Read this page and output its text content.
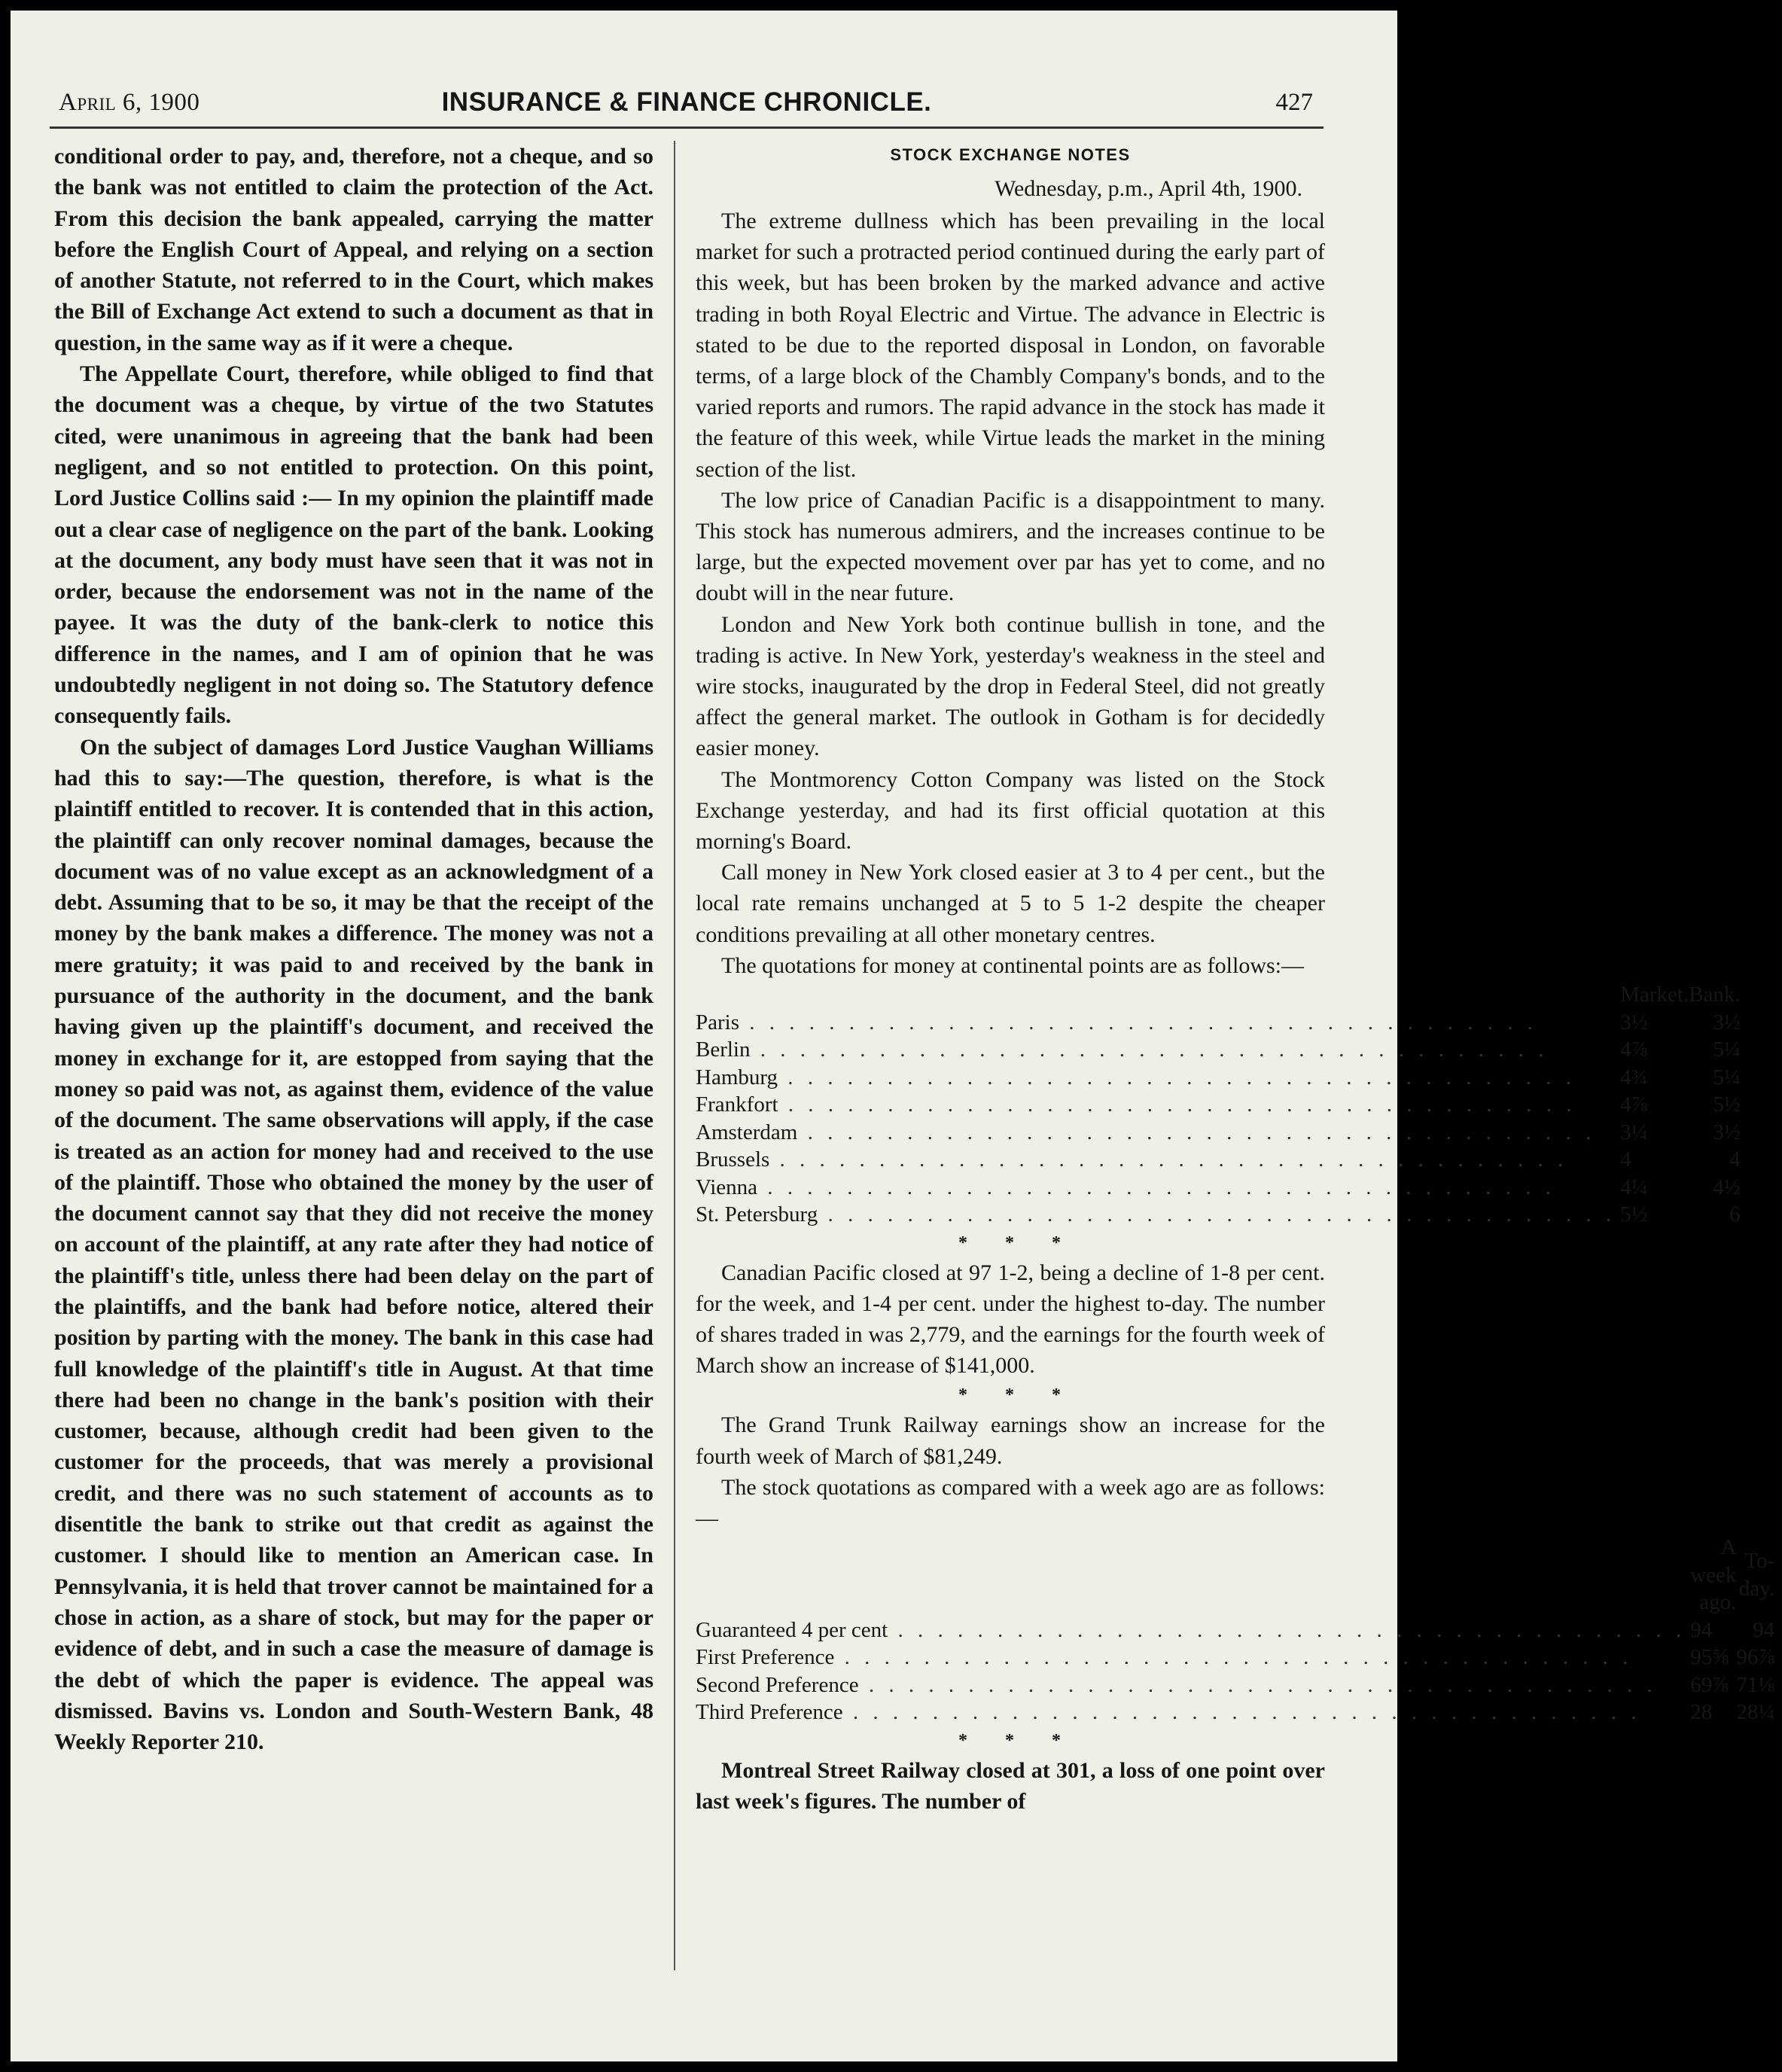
April 6, 1900	INSURANCE & FINANCE CHRONICLE.	427

conditional order to pay, and, therefore, not a cheque, and so the bank was not entitled to claim the protection of the Act. From this decision the bank appealed, carrying the matter before the English Court of Appeal, and relying on a section of another Statute, not referred to in the Court, which makes the Bill of Exchange Act extend to such a document as that in question, in the same way as if it were a cheque.

The Appellate Court, therefore, while obliged to find that the document was a cheque, by virtue of the two Statutes cited, were unanimous in agreeing that the bank had been negligent, and so not entitled to protection. On this point, Lord Justice Collins said :— In my opinion the plaintiff made out a clear case of negligence on the part of the bank. Looking at the document, any body must have seen that it was not in order, because the endorsement was not in the name of the payee. It was the duty of the bank-clerk to notice this difference in the names, and I am of opinion that he was undoubtedly negligent in not doing so. The Statutory defence consequently fails.

On the subject of damages Lord Justice Vaughan Williams had this to say:—The question, therefore, is what is the plaintiff entitled to recover. It is contended that in this action, the plaintiff can only recover nominal damages, because the document was of no value except as an acknowledgment of a debt. Assuming that to be so, it may be that the receipt of the money by the bank makes a difference. The money was not a mere gratuity; it was paid to and received by the bank in pursuance of the authority in the document, and the bank having given up the plaintiff's document, and received the money in exchange for it, are estopped from saying that the money so paid was not, as against them, evidence of the value of the document. The same observations will apply, if the case is treated as an action for money had and received to the use of the plaintiff. Those who obtained the money by the user of the document cannot say that they did not receive the money on account of the plaintiff, at any rate after they had notice of the plaintiff's title, unless there had been delay on the part of the plaintiffs, and the bank had before notice, altered their position by parting with the money. The bank in this case had full knowledge of the plaintiff's title in August. At that time there had been no change in the bank's position with their customer, because, although credit had been given to the customer for the proceeds, that was merely a provisional credit, and there was no such statement of accounts as to disentitle the bank to strike out that credit as against the customer. I should like to mention an American case. In Pennsylvania, it is held that trover cannot be maintained for a chose in action, as a share of stock, but may for the paper or evidence of debt, and in such a case the measure of damage is the debt of which the paper is evidence. The appeal was dismissed. Bavins vs. London and South-Western Bank, 48 Weekly Reporter 210.

STOCK EXCHANGE NOTES
Wednesday, p.m., April 4th, 1900.

The extreme dullness which has been prevailing in the local market for such a protracted period continued during the early part of this week, but has been broken by the marked advance and active trading in both Royal Electric and Virtue. The advance in Electric is stated to be due to the reported disposal in London, on favorable terms, of a large block of the Chambly Company's bonds, and to the varied reports and rumors. The rapid advance in the stock has made it the feature of this week, while Virtue leads the market in the mining section of the list.

The low price of Canadian Pacific is a disappointment to many. This stock has numerous admirers, and the increases continue to be large, but the expected movement over par has yet to come, and no doubt will in the near future.

London and New York both continue bullish in tone, and the trading is active. In New York, yesterday's weakness in the steel and wire stocks, inaugurated by the drop in Federal Steel, did not greatly affect the general market. The outlook in Gotham is for decidedly easier money.

The Montmorency Cotton Company was listed on the Stock Exchange yesterday, and had its first official quotation at this morning's Board.

Call money in New York closed easier at 3 to 4 per cent., but the local rate remains unchanged at 5 to 5 1-2 despite the cheaper conditions prevailing at all other monetary centres.

The quotations for money at continental points are as follows:—

	Market.	Bank.
Paris . . . . . . . . . . . . . . . . . . . . . . . . . . . . . . . . . . . . . . . .	3½	3½
Berlin . . . . . . . . . . . . . . . . . . . . . . . . . . . . . . . . . . . . . . . .	4⅞	5¼
Hamburg . . . . . . . . . . . . . . . . . . . . . . . . . . . . . . . . . . . . . . . .	4¾	5¼
Frankfort . . . . . . . . . . . . . . . . . . . . . . . . . . . . . . . . . . . . . . . .	4⅞	5½
Amsterdam . . . . . . . . . . . . . . . . . . . . . . . . . . . . . . . . . . . . . . . .	3¼	3½
Brussels . . . . . . . . . . . . . . . . . . . . . . . . . . . . . . . . . . . . . . . .	4	4
Vienna . . . . . . . . . . . . . . . . . . . . . . . . . . . . . . . . . . . . . . . .	4¼	4½
St. Petersburg . . . . . . . . . . . . . . . . . . . . . . . . . . . . . . . . . . . . . . . .	5½	6
* * *

Canadian Pacific closed at 97 1-2, being a decline of 1-8 per cent. for the week, and 1-4 per cent. under the highest to-day. The number of shares traded in was 2,779, and the earnings for the fourth week of March show an increase of $141,000.

* * *

The Grand Trunk Railway earnings show an increase for the fourth week of March of $81,249.

The stock quotations as compared with a week ago are as follows:—

	A week ago.	To-day.
Guaranteed 4 per cent . . . . . . . . . . . . . . . . . . . . . . . . . . . . . . . . . . . . . . . .	94	94
First Preference . . . . . . . . . . . . . . . . . . . . . . . . . . . . . . . . . . . . . . . .	95⅝	96⅞
Second Preference . . . . . . . . . . . . . . . . . . . . . . . . . . . . . . . . . . . . . . . .	69⅞	71⅛
Third Preference . . . . . . . . . . . . . . . . . . . . . . . . . . . . . . . . . . . . . . . .	28	28¼
* * *

Montreal Street Railway closed at 301, a loss of one point over last week's figures. The number of
